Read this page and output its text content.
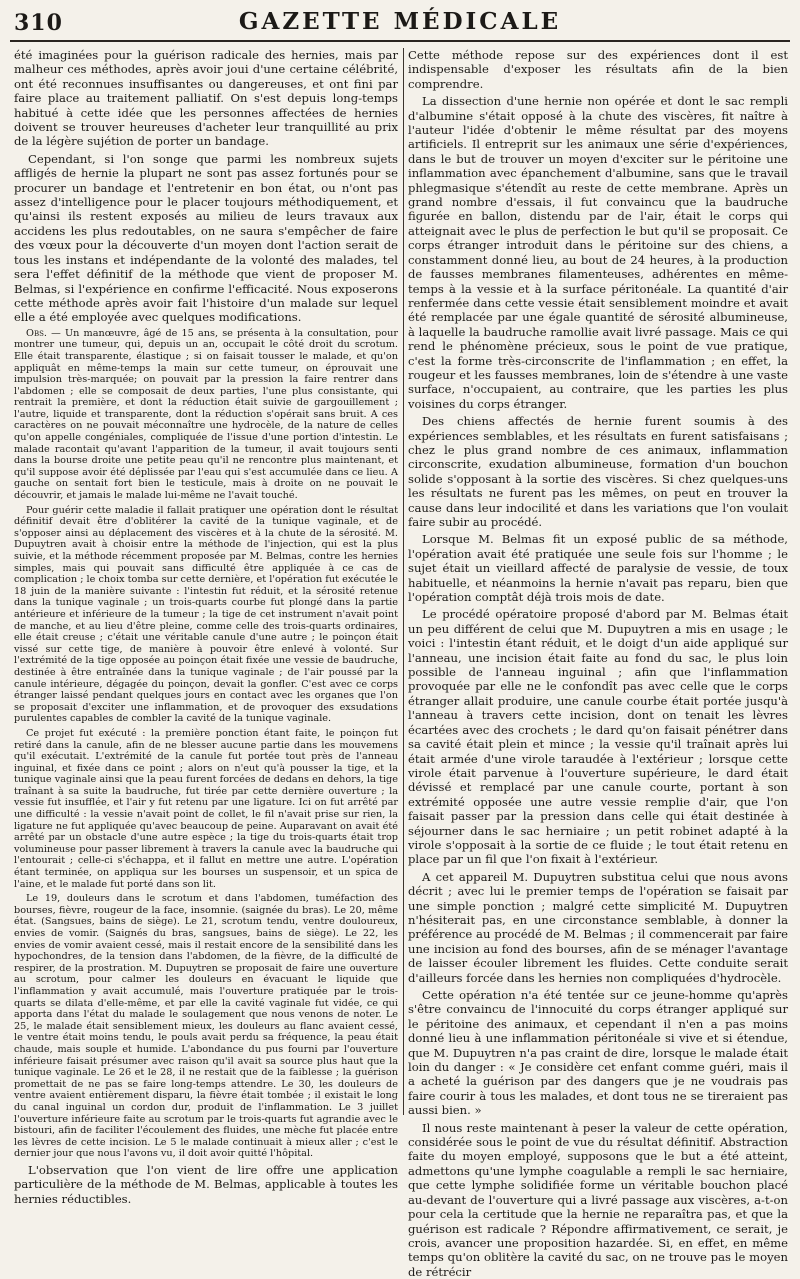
310	GAZETTE MÉDICALE

été imaginées pour la guérison radicale des hernies, mais par malheur ces méthodes, après avoir joui d'une certaine célébrité, ont été reconnues insuffisantes ou dangereuses, et ont fini par faire place au traitement palliatif. On s'est depuis long-temps habitué à cette idée que les personnes affectées de hernies doivent se trouver heureuses d'acheter leur tranquillité au prix de la légère sujétion de porter un bandage.

Cependant, si l'on songe que parmi les nombreux sujets affligés de hernie la plupart ne sont pas assez fortunés pour se procurer un bandage et l'entretenir en bon état, ou n'ont pas assez d'intelligence pour le placer toujours méthodiquement, et qu'ainsi ils restent exposés au milieu de leurs travaux aux accidens les plus redoutables, on ne saura s'empêcher de faire des vœux pour la découverte d'un moyen dont l'action serait de tous les instans et indépendante de la volonté des malades, tel sera l'effet définitif de la méthode que vient de proposer M. Belmas, si l'expérience en confirme l'efficacité. Nous exposerons cette méthode après avoir fait l'histoire d'un malade sur lequel elle a été employée avec quelques modifications.

Obs. — Un manœuvre, âgé de 15 ans, se présenta à la consultation, pour montrer une tumeur, qui, depuis un an, occupait le côté droit du scrotum. Elle était transparente, élastique ; si on faisait tousser le malade, et qu'on appliquât en même-temps la main sur cette tumeur, on éprouvait une impulsion très-marquée; on pouvait par la pression la faire rentrer dans l'abdomen ; elle se composait de deux parties, l'une plus consistante, qui rentrait la première, et dont la réduction était suivie de gargouillement ; l'autre, liquide et transparente, dont la réduction s'opérait sans bruit. A ces caractères on ne pouvait méconnaître une hydrocèle, de la nature de celles qu'on appelle congéniales, compliquée de l'issue d'une portion d'intestin. Le malade racontait qu'avant l'apparition de la tumeur, il avait toujours senti dans la bourse droite une petite peau qu'il ne rencontre plus maintenant, et qu'il suppose avoir été déplissée par l'eau qui s'est accumulée dans ce lieu. A gauche on sentait fort bien le testicule, mais à droite on ne pouvait le découvrir, et jamais le malade lui-même ne l'avait touché.

Pour guérir cette maladie il fallait pratiquer une opération dont le résultat définitif devait être d'oblitérer la cavité de la tunique vaginale, et de s'opposer ainsi au déplacement des viscères et à la chute de la sérosité. M. Dupuytren avait à choisir entre la méthode de l'injection, qui est la plus suivie, et la méthode récemment proposée par M. Belmas, contre les hernies simples, mais qui pouvait sans difficulté être appliquée à ce cas de complication ; le choix tomba sur cette dernière, et l'opération fut exécutée le 18 juin de la manière suivante : l'intestin fut réduit, et la sérosité retenue dans la tunique vaginale ; un trois-quarts courbe fut plongé dans la partie antérieure et inférieure de la tumeur ; la tige de cet instrument n'avait point de manche, et au lieu d'être pleine, comme celle des trois-quarts ordinaires, elle était creuse ; c'était une véritable canule d'une autre ; le poinçon était vissé sur cette tige, de manière à pouvoir être enlevé à volonté. Sur l'extrémité de la tige opposée au poinçon était fixée une vessie de baudruche, destinée à être entraînée dans la tunique vaginale ; de l'air poussé par la canule intérieure, dégagée du poinçon, devait la gonfler. C'est avec ce corps étranger laissé pendant quelques jours en contact avec les organes que l'on se proposait d'exciter une inflammation, et de provoquer des exsudations purulentes capables de combler la cavité de la tunique vaginale.

Ce projet fut exécuté : la première ponction étant faite, le poinçon fut retiré dans la canule, afin de ne blesser aucune partie dans les mouvemens qu'il exécutait. L'extrémité de la canule fut portée tout près de l'anneau inguinal, et fixée dans ce point ; alors on n'eut qu'à pousser la tige, et la tunique vaginale ainsi que la peau furent forcées de dedans en dehors, la tige traînant à sa suite la baudruche, fut tirée par cette dernière ouverture ; la vessie fut insufflée, et l'air y fut retenu par une ligature. Ici on fut arrêté par une difficulté : la vessie n'avait point de collet, le fil n'avait prise sur rien, la ligature ne fut appliquée qu'avec beaucoup de peine. Auparavant on avait été arrêté par un obstacle d'une autre espèce ; la tige du trois-quarts était trop volumineuse pour passer librement à travers la canule avec la baudruche qui l'entourait ; celle-ci s'échappa, et il fallut en mettre une autre. L'opération étant terminée, on appliqua sur les bourses un suspensoir, et un spica de l'aine, et le malade fut porté dans son lit.

Le 19, douleurs dans le scrotum et dans l'abdomen, tuméfaction des bourses, fièvre, rougeur de la face, insomnie. (saignée du bras). Le 20, même état. (Sangsues, bains de siège). Le 21, scrotum tendu, ventre douloureux, envies de vomir. (Saignés du bras, sangsues, bains de siège). Le 22, les envies de vomir avaient cessé, mais il restait encore de la sensibilité dans les hypochondres, de la tension dans l'abdomen, de la fièvre, de la difficulté de respirer, de la prostration. M. Dupuytren se proposait de faire une ouverture au scrotum, pour calmer les douleurs en évacuant le liquide que l'inflammation y avait accumulé, mais l'ouverture pratiquée par le trois-quarts se dilata d'elle-même, et par elle la cavité vaginale fut vidée, ce qui apporta dans l'état du malade le soulagement que nous venons de noter. Le 25, le malade était sensiblement mieux, les douleurs au flanc avaient cessé, le ventre était moins tendu, le pouls avait perdu sa fréquence, la peau était chaude, mais souple et humide. L'abondance du pus fourni par l'ouverture inférieure faisait présumer avec raison qu'il avait sa source plus haut que la tunique vaginale. Le 26 et le 28, il ne restait que de la faiblesse ; la guérison promettait de ne pas se faire long-temps attendre. Le 30, les douleurs de ventre avaient entièrement disparu, la fièvre était tombée ; il existait le long du canal inguinal un cordon dur, produit de l'inflammation. Le 3 juillet l'ouverture inférieure faite au scrotum par le trois-quarts fut agrandie avec le bistouri, afin de faciliter l'écoulement des fluides, une mèche fut placée entre les lèvres de cette incision. Le 5 le malade continuait à mieux aller ; c'est le dernier jour que nous l'avons vu, il doit avoir quitté l'hôpital.

L'observation que l'on vient de lire offre une application particulière de la méthode de M. Belmas, applicable à toutes les hernies réductibles.

Cette méthode repose sur des expériences dont il est indispensable d'exposer les résultats afin de la bien comprendre.

La dissection d'une hernie non opérée et dont le sac rempli d'albumine s'était opposé à la chute des viscères, fit naître à l'auteur l'idée d'obtenir le même résultat par des moyens artificiels. Il entreprit sur les animaux une série d'expériences, dans le but de trouver un moyen d'exciter sur le péritoine une inflammation avec épanchement d'albumine, sans que le travail phlegmasique s'étendît au reste de cette membrane. Après un grand nombre d'essais, il fut convaincu que la baudruche figurée en ballon, distendu par de l'air, était le corps qui atteignait avec le plus de perfection le but qu'il se proposait. Ce corps étranger introduit dans le péritoine sur des chiens, a constamment donné lieu, au bout de 24 heures, à la production de fausses membranes filamenteuses, adhérentes en même-temps à la vessie et à la surface péritonéale. La quantité d'air renfermée dans cette vessie était sensiblement moindre et avait été remplacée par une égale quantité de sérosité albumineuse, à laquelle la baudruche ramollie avait livré passage. Mais ce qui rend le phénomène précieux, sous le point de vue pratique, c'est la forme très-circonscrite de l'inflammation ; en effet, la rougeur et les fausses membranes, loin de s'étendre à une vaste surface, n'occupaient, au contraire, que les parties les plus voisines du corps étranger.

Des chiens affectés de hernie furent soumis à des expériences semblables, et les résultats en furent satisfaisans ; chez le plus grand nombre de ces animaux, inflammation circonscrite, exudation albumineuse, formation d'un bouchon solide s'opposant à la sortie des viscères. Si chez quelques-uns les résultats ne furent pas les mêmes, on peut en trouver la cause dans leur indocilité et dans les variations que l'on voulait faire subir au procédé.

Lorsque M. Belmas fit un exposé public de sa méthode, l'opération avait été pratiquée une seule fois sur l'homme ; le sujet était un vieillard affecté de paralysie de vessie, de toux habituelle, et néanmoins la hernie n'avait pas reparu, bien que l'opération comptât déjà trois mois de date.

Le procédé opératoire proposé d'abord par M. Belmas était un peu différent de celui que M. Dupuytren a mis en usage ; le voici : l'intestin étant réduit, et le doigt d'un aide appliqué sur l'anneau, une incision était faite au fond du sac, le plus loin possible de l'anneau inguinal ; afin que l'inflammation provoquée par elle ne le confondît pas avec celle que le corps étranger allait produire, une canule courbe était portée jusqu'à l'anneau à travers cette incision, dont on tenait les lèvres écartées avec des crochets ; le dard qu'on faisait pénétrer dans sa cavité était plein et mince ; la vessie qu'il traînait après lui était armée d'une virole taraudée à l'extérieur ; lorsque cette virole était parvenue à l'ouverture supérieure, le dard était dévissé et remplacé par une canule courte, portant à son extrémité opposée une autre vessie remplie d'air, que l'on faisait passer par la pression dans celle qui était destinée à séjourner dans le sac herniaire ; un petit robinet adapté à la virole s'opposait à la sortie de ce fluide ; le tout était retenu en place par un fil que l'on fixait à l'extérieur.

A cet appareil M. Dupuytren substitua celui que nous avons décrit ; avec lui le premier temps de l'opération se faisait par une simple ponction ; malgré cette simplicité M. Dupuytren n'hésiterait pas, en une circonstance semblable, à donner la préférence au procédé de M. Belmas ; il commencerait par faire une incision au fond des bourses, afin de se ménager l'avantage de laisser écouler librement les fluides. Cette conduite serait d'ailleurs forcée dans les hernies non compliquées d'hydrocèle.

Cette opération n'a été tentée sur ce jeune-homme qu'après s'être convaincu de l'innocuité du corps étranger appliqué sur le péritoine des animaux, et cependant il n'en a pas moins donné lieu à une inflammation péritonéale si vive et si étendue, que M. Dupuytren n'a pas craint de dire, lorsque le malade était loin du danger : « Je considère cet enfant comme guéri, mais il a acheté la guérison par des dangers que je ne voudrais pas faire courir à tous les malades, et dont tous ne se tireraient pas aussi bien. »

Il nous reste maintenant à peser la valeur de cette opération, considérée sous le point de vue du résultat définitif. Abstraction faite du moyen employé, supposons que le but a été atteint, admettons qu'une lymphe coagulable a rempli le sac herniaire, que cette lymphe solidifiée forme un véritable bouchon placé au-devant de l'ouverture qui a livré passage aux viscères, a-t-on pour cela la certitude que la hernie ne reparaîtra pas, et que la guérison est radicale ? Répondre affirmativement, ce serait, je crois, avancer une proposition hazardée. Si, en effet, en même temps qu'on oblitère la cavité du sac, on ne trouve pas le moyen de rétrécir
